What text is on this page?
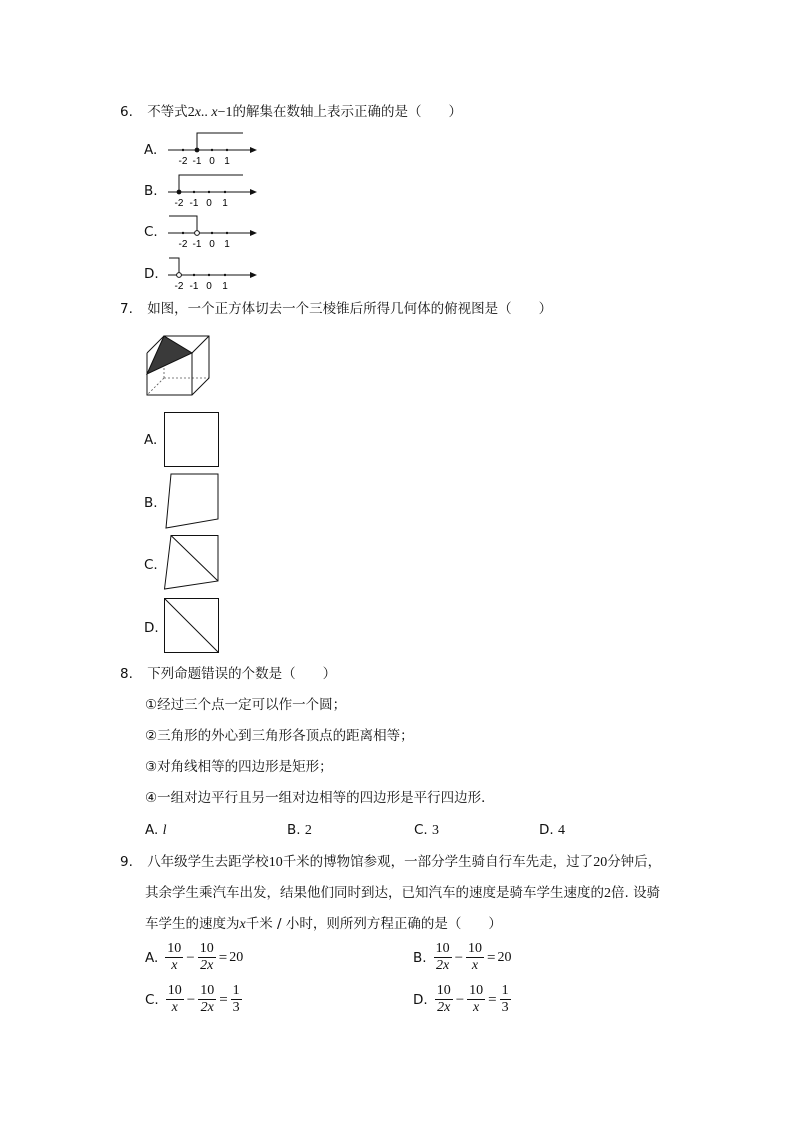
6. 不等式2x.. x−1的解集在数轴上表示正确的是（　　）
A.
B.
C.
D.
-2 -1 0 1
-2 -1 0 1
-2 -1 0 1
-2 -1 0 1
7. 如图，一个正方体切去一个三棱锥后所得几何体的俯视图是（　　）
A.
B.
C.
D.
8. 下列命题错误的个数是（　　）
①经过三个点一定可以作一个圆；
②三角形的外心到三角形各顶点的距离相等；
③对角线相等的四边形是矩形；
④一组对边平行且另一组对边相等的四边形是平行四边形．
A. l	B. 2	C. 3	D. 4
9. 八年级学生去距学校10千米的博物馆参观，一部分学生骑自行车先走，过了20分钟后，
其余学生乘汽车出发，结果他们同时到达，已知汽车的速度是骑车学生速度的2倍. 设骑
车学生的速度为x千米 / 小时，则所列方程正确的是（　　）
A. $\frac{10}{x} - \frac{10}{2x} = 20$	B. $\frac{10}{2x} - \frac{10}{x} = 20$
C. $\frac{10}{x} - \frac{10}{2x} = \frac{1}{3}$	D. $\frac{10}{2x} - \frac{10}{x} = \frac{1}{3}$
